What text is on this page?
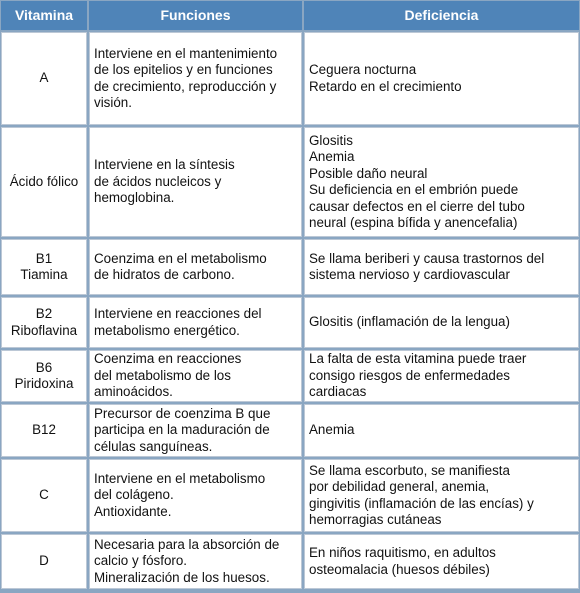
Vitamina	Funciones	Deficiencia
A
Interviene en el mantenimiento
de los epitelios y en funciones
de crecimiento, reproducción y
visión.
Ceguera nocturna
Retardo en el crecimiento
Ácido fólico
Interviene en la síntesis
de ácidos nucleicos y
hemoglobina.
Glositis
Anemia
Posible daño neural
Su deficiencia en el embrión puede
causar defectos en el cierre del tubo
neural (espina bífida y anencefalia)
B1
Tiamina
Coenzima en el metabolismo
de hidratos de carbono.
Se llama beriberi y causa trastornos del
sistema nervioso y cardiovascular
B2
Riboflavina
Interviene en reacciones del
metabolismo energético.
Glositis (inflamación de la lengua)
B6
Piridoxina
Coenzima en reacciones
del metabolismo de los
aminoácidos.
La falta de esta vitamina puede traer
consigo riesgos de enfermedades
cardiacas
B12
Precursor de coenzima B que
participa en la maduración de
células sanguíneas.
Anemia
C
Interviene en el metabolismo
del colágeno.
Antioxidante.
Se llama escorbuto, se manifiesta
por debilidad general, anemia,
gingivitis (inflamación de las encías) y
hemorragias cutáneas
D
Necesaria para la absorción de
calcio y fósforo.
Mineralización de los huesos.
En niños raquitismo, en adultos
osteomalacia (huesos débiles)
